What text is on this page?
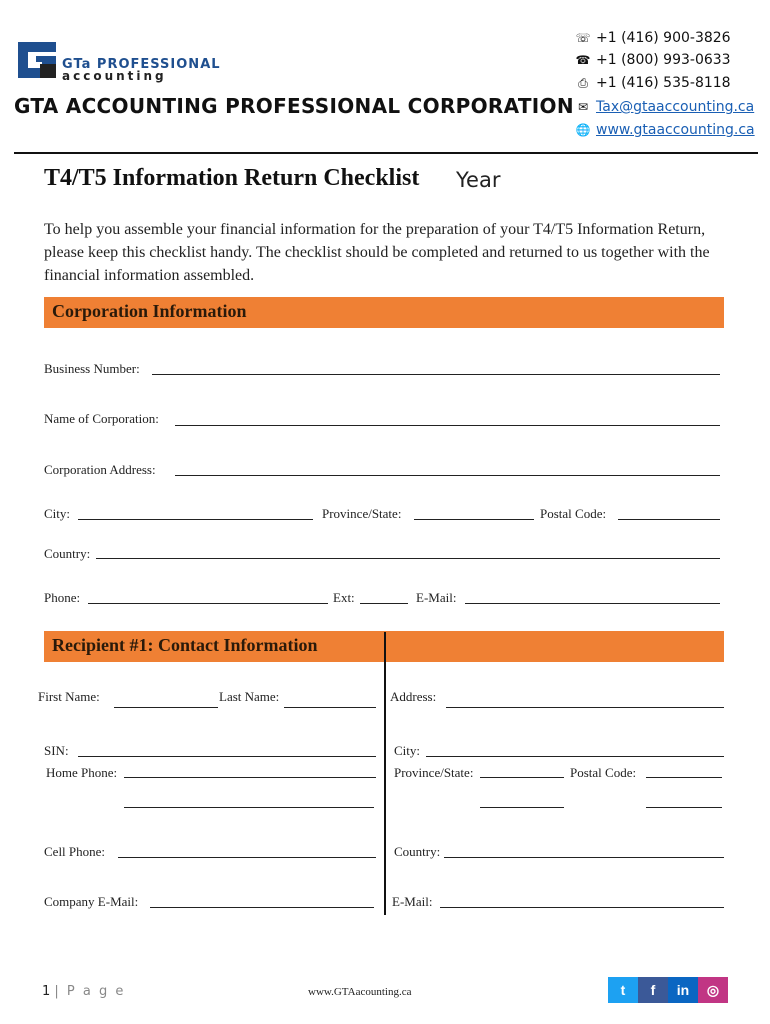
GTa PROFESSIONAL
accounting
GTA ACCOUNTING PROFESSIONAL CORPORATION
☏ +1 (416) 900-3826
☎ +1 (800) 993-0633
⎙ +1 (416) 535-8118
✉ Tax@gtaaccounting.ca
🌐 www.gtaaccounting.ca
T4/T5 Information Return Checklist Year
To help you assemble your financial information for the preparation of your T4/T5 Information Return, please keep this checklist handy. The checklist should be completed and returned to us together with the financial information assembled.
Corporation Information
Business Number:
Name of Corporation:
Corporation Address:
City:	Province/State:	Postal Code:
Country:
Phone:	Ext:	E-Mail:
Recipient #1: Contact Information
First Name:	Last Name:	Address:
SIN:	City:
Home Phone:	Province/State:	Postal Code:
Cell Phone:	Country:
Company E-Mail:	E-Mail:
1 | P a g e	www.GTAacounting.ca	t	f	in	◎
